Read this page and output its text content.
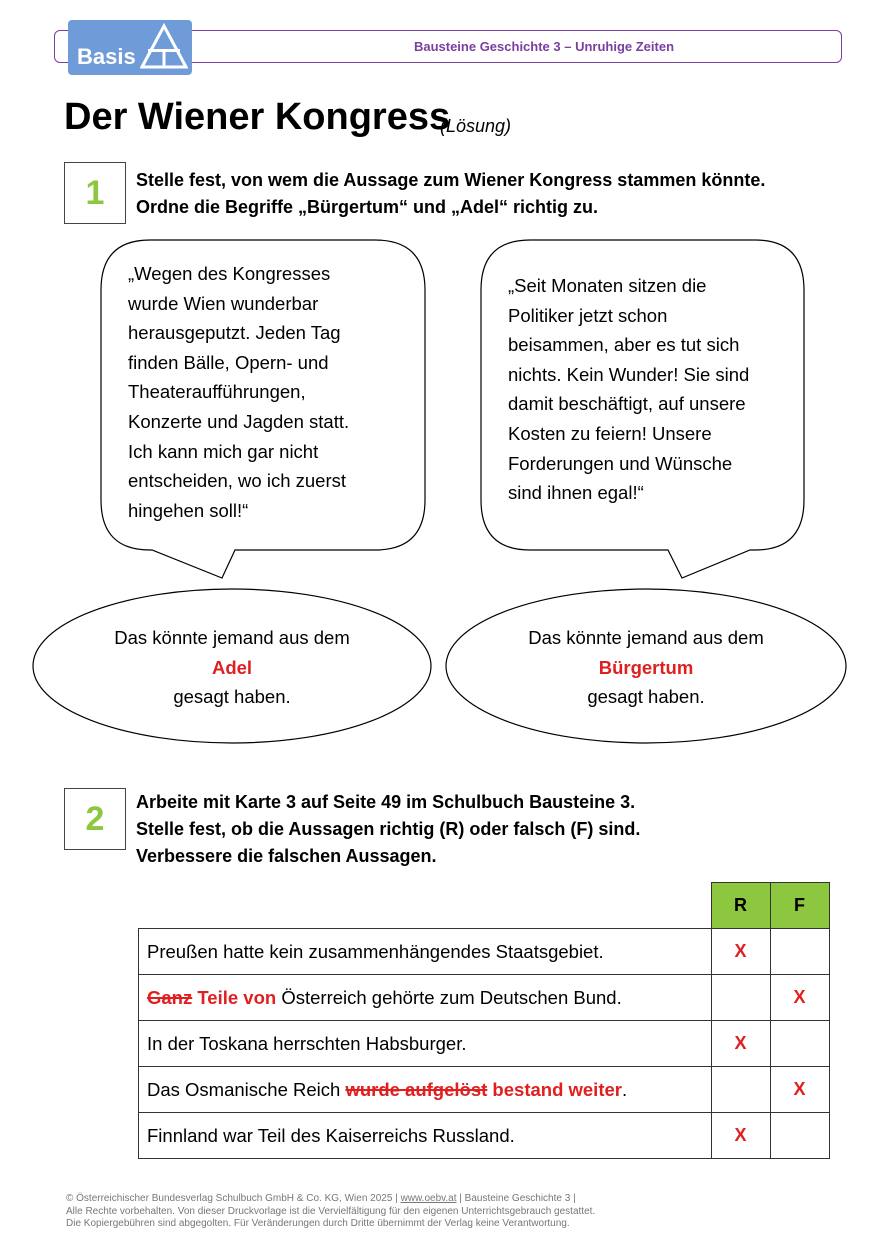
Bausteine Geschichte 3 – Unruhige Zeiten
Basis
Der Wiener Kongress
(Lösung)
1	Stelle fest, von wem die Aussage zum Wiener Kongress stammen könnte.
Ordne die Begriffe „Bürgertum“ und „Adel“ richtig zu.
„Wegen des Kongresses
wurde Wien wunderbar
herausgeputzt. Jeden Tag
finden Bälle, Opern- und
Theateraufführungen,
Konzerte und Jagden statt.
Ich kann mich gar nicht
entscheiden, wo ich zuerst
hingehen soll!“
„Seit Monaten sitzen die
Politiker jetzt schon
beisammen, aber es tut sich
nichts. Kein Wunder! Sie sind
damit beschäftigt, auf unsere
Kosten zu feiern! Unsere
Forderungen und Wünsche
sind ihnen egal!“
Das könnte jemand aus dem
Adel
gesagt haben.
Das könnte jemand aus dem
Bürgertum
gesagt haben.
2	Arbeite mit Karte 3 auf Seite 49 im Schulbuch Bausteine 3.
Stelle fest, ob die Aussagen richtig (R) oder falsch (F) sind.
Verbessere die falschen Aussagen.
	R	F
Preußen hatte kein zusammenhängendes Staatsgebiet.	X	
Ganz Teile von Österreich gehörte zum Deutschen Bund.		X
In der Toskana herrschten Habsburger.	X	
Das Osmanische Reich wurde aufgelöst bestand weiter.		X
Finnland war Teil des Kaiserreichs Russland.	X	
© Österreichischer Bundesverlag Schulbuch GmbH & Co. KG, Wien 2025 | www.oebv.at | Bausteine Geschichte 3 |
Alle Rechte vorbehalten. Von dieser Druckvorlage ist die Vervielfältigung für den eigenen Unterrichtsgebrauch gestattet.
Die Kopiergebühren sind abgegolten. Für Veränderungen durch Dritte übernimmt der Verlag keine Verantwortung.
